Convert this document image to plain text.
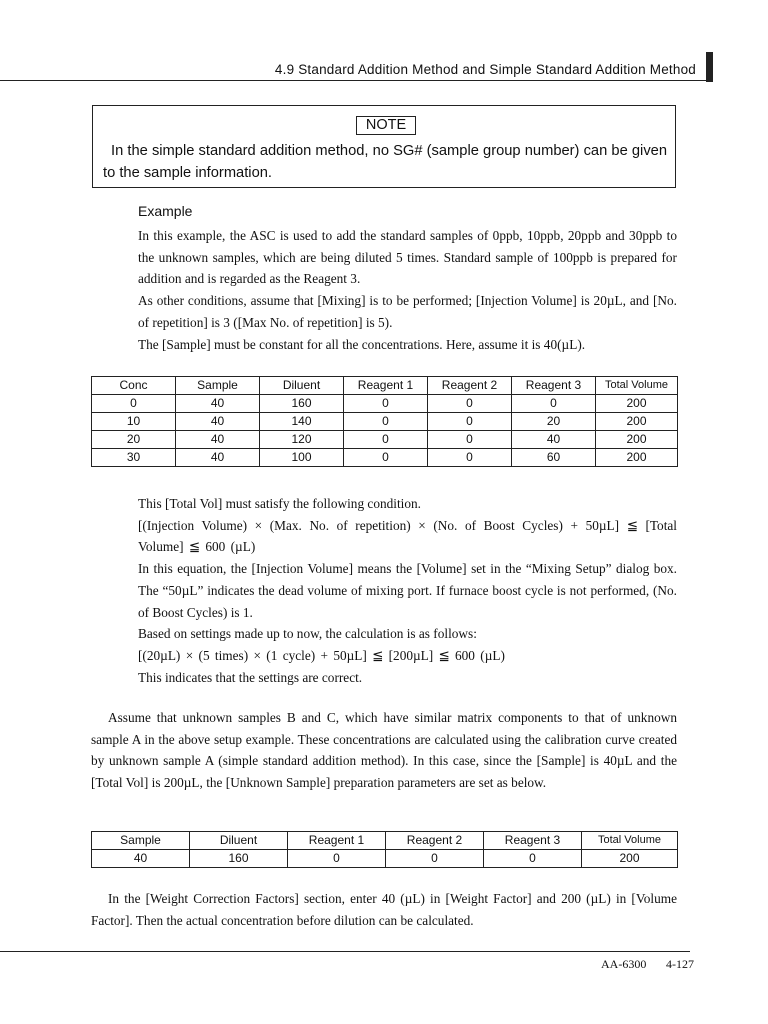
4.9 Standard Addition Method and Simple Standard Addition Method
NOTE
In the simple standard addition method, no SG# (sample group number) can be given to the sample information.
Example
In this example, the ASC is used to add the standard samples of 0ppb, 10ppb, 20ppb and 30ppb to the unknown samples, which are being diluted 5 times. Standard sample of 100ppb is prepared for addition and is regarded as the Reagent 3.
As other conditions, assume that [Mixing] is to be performed; [Injection Volume] is 20µL, and [No. of repetition] is 3 ([Max No. of repetition] is 5).
The [Sample] must be constant for all the concentrations. Here, assume it is 40(µL).
Conc	Sample	Diluent	Reagent 1	Reagent 2	Reagent 3	Total Volume
0	40	160	0	0	0	200
10	40	140	0	0	20	200
20	40	120	0	0	40	200
30	40	100	0	0	60	200
This [Total Vol] must satisfy the following condition.
[(Injection Volume) × (Max. No. of repetition) × (No. of Boost Cycles) + 50µL] ≦ [Total Volume] ≦ 600 (µL)
In this equation, the [Injection Volume] means the [Volume] set in the “Mixing Setup” dialog box. The “50µL” indicates the dead volume of mixing port. If furnace boost cycle is not performed, (No. of Boost Cycles) is 1.
Based on settings made up to now, the calculation is as follows:
[(20µL) × (5 times) × (1 cycle) + 50µL] ≦ [200µL] ≦ 600 (µL)
This indicates that the settings are correct.
Assume that unknown samples B and C, which have similar matrix components to that of unknown sample A in the above setup example. These concentrations are calculated using the calibration curve created by unknown sample A (simple standard addition method). In this case, since the [Sample] is 40µL and the [Total Vol] is 200µL, the [Unknown Sample] preparation parameters are set as below.
Sample	Diluent	Reagent 1	Reagent 2	Reagent 3	Total Volume
40	160	0	0	0	200
In the [Weight Correction Factors] section, enter 40 (µL) in [Weight Factor] and 200 (µL) in [Volume Factor]. Then the actual concentration before dilution can be calculated.
AA-6300 4-127
